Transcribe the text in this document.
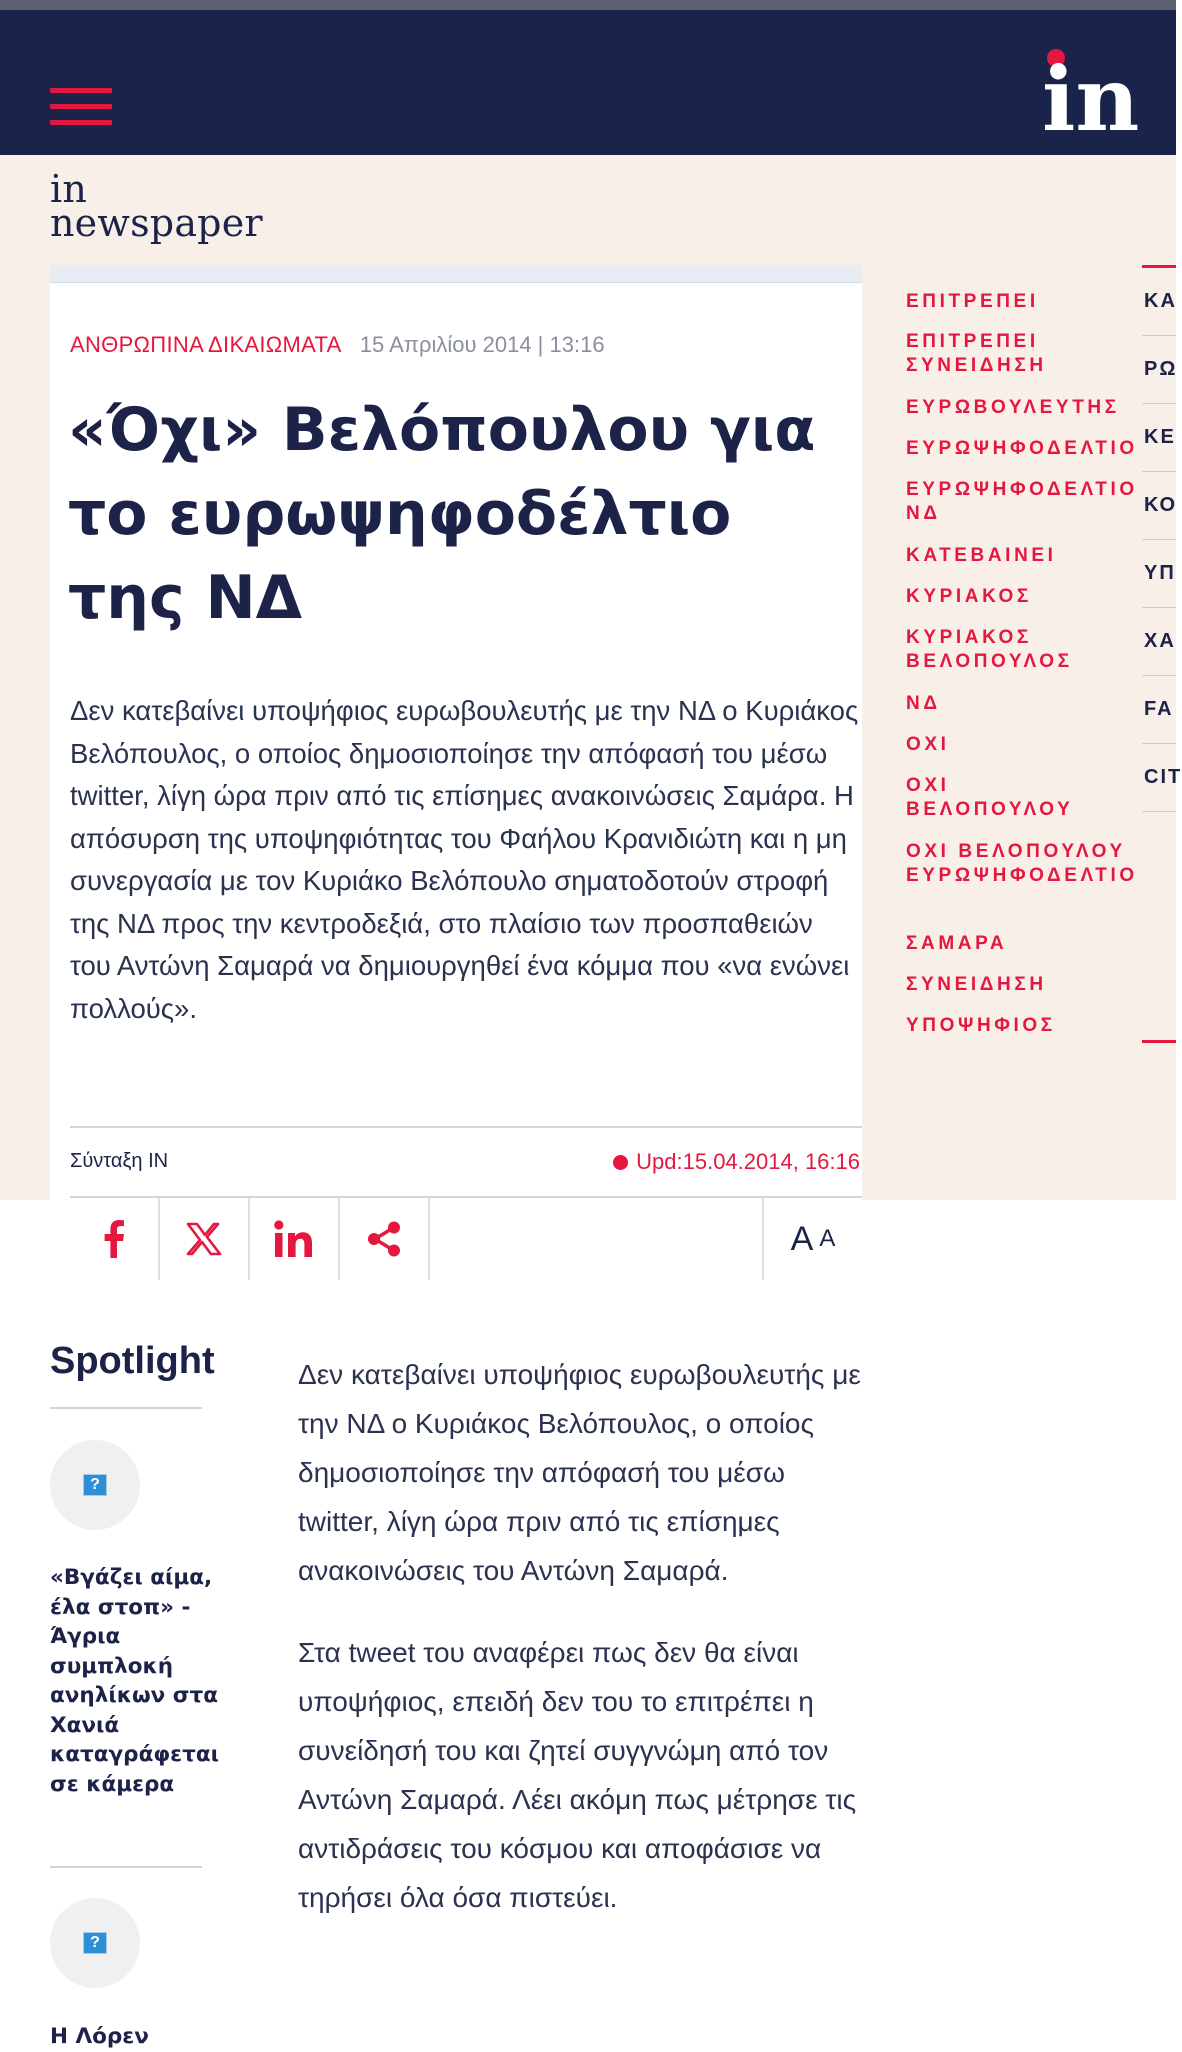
in
in
newspaper
ΑΝΘΡΩΠΙΝΑ ΔΙΚΑΙΩΜΑΤΑ 15 Απριλίου 2014 | 13:16
«Όχι» Βελόπουλου για το ευρωψηφοδέλτιο της ΝΔ

Δεν κατεβαίνει υποψήφιος ευρωβουλευτής με την ΝΔ ο Κυριάκος Βελόπουλος, ο οποίος δημοσιοποίησε την απόφασή του μέσω twitter, λίγη ώρα πριν από τις επίσημες ανακοινώσεις Σαμάρα. Η απόσυρση της υποψηφιότητας του Φαήλου Κρανιδιώτη και η μη συνεργασία με τον Κυριάκο Βελόπουλο σηματοδοτούν στροφή της ΝΔ προς την κεντροδεξιά, στο πλαίσιο των προσπαθειών του Αντώνη Σαμαρά να δημιουργηθεί ένα κόμμα που «να ενώνει πολλούς».

Σύνταξη ΙΝ	Upd:15.04.2014, 16:16
A A
ΕΠΙΤΡΕΠΕΙ
ΕΠΙΤΡΕΠΕΙ ΣΥΝΕΙΔΗΣΗ
ΕΥΡΩΒΟΥΛΕΥΤΗΣ
ΕΥΡΩΨΗΦΟΔΕΛΤΙΟ
ΕΥΡΩΨΗΦΟΔΕΛΤΙΟ ΝΔ
ΚΑΤΕΒΑΙΝΕΙ
ΚΥΡΙΑΚΟΣ
ΚΥΡΙΑΚΟΣ ΒΕΛΟΠΟΥΛΟΣ
ΝΔ
ΟΧΙ
ΟΧΙ ΒΕΛΟΠΟΥΛΟΥ
ΟΧΙ ΒΕΛΟΠΟΥΛΟΥ ΕΥΡΩΨΗΦΟΔΕΛΤΙΟ
ΣΑΜΑΡΑ
ΣΥΝΕΙΔΗΣΗ
ΥΠΟΨΗΦΙΟΣ
ΚΑ
ΡΩ
ΚΕ
ΚΟ
ΥΠ
ΧΑ
FA
CIT
Spotlight
?
«Βγάζει αίμα, έλα στοπ» - Άγρια συμπλοκή ανηλίκων στα Χανιά καταγράφεται σε κάμερα
?
Η Λόρεν

Δεν κατεβαίνει υποψήφιος ευρωβουλευτής με την ΝΔ ο Κυριάκος Βελόπουλος, ο οποίος δημοσιοποίησε την απόφασή του μέσω twitter, λίγη ώρα πριν από τις επίσημες ανακοινώσεις του Αντώνη Σαμαρά.

Στα tweet του αναφέρει πως δεν θα είναι υποψήφιος, επειδή δεν του το επιτρέπει η συνείδησή του και ζητεί συγγνώμη από τον Αντώνη Σαμαρά. Λέει ακόμη πως μέτρησε τις αντιδράσεις του κόσμου και αποφάσισε να τηρήσει όλα όσα πιστεύει.
